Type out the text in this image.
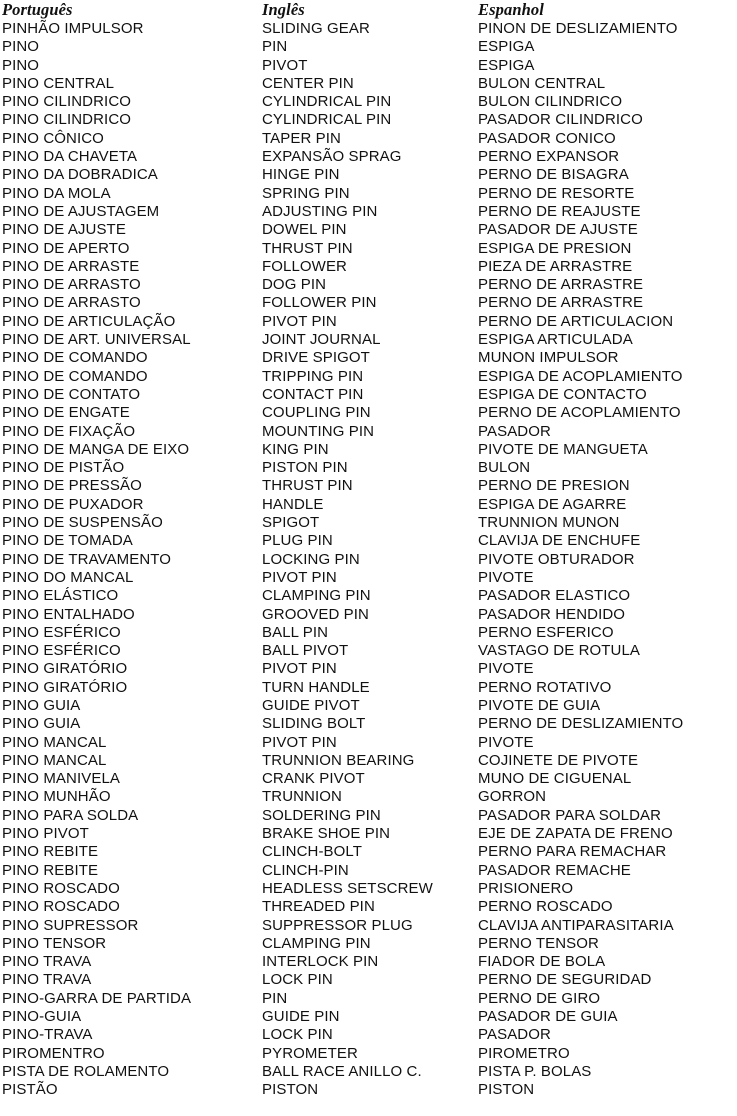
Português	Inglês	Espanhol
PINHÃO IMPULSOR	SLIDING GEAR	PINON DE DESLIZAMIENTO
PINO	PIN	ESPIGA
PINO	PIVOT	ESPIGA
PINO CENTRAL	CENTER PIN	BULON CENTRAL
PINO CILINDRICO	CYLINDRICAL PIN	BULON CILINDRICO
PINO CILINDRICO	CYLINDRICAL PIN	PASADOR CILINDRICO
PINO CÔNICO	TAPER PIN	PASADOR CONICO
PINO DA CHAVETA	EXPANSÃO SPRAG	PERNO EXPANSOR
PINO DA DOBRADICA	HINGE PIN	PERNO DE BISAGRA
PINO DA MOLA	SPRING PIN	PERNO DE RESORTE
PINO DE AJUSTAGEM	ADJUSTING PIN	PERNO DE REAJUSTE
PINO DE AJUSTE	DOWEL PIN	PASADOR DE AJUSTE
PINO DE APERTO	THRUST PIN	ESPIGA DE PRESION
PINO DE ARRASTE	FOLLOWER	PIEZA DE ARRASTRE
PINO DE ARRASTO	DOG PIN	PERNO DE ARRASTRE
PINO DE ARRASTO	FOLLOWER PIN	PERNO DE ARRASTRE
PINO DE ARTICULAÇÃO	PIVOT PIN	PERNO DE ARTICULACION
PINO DE ART. UNIVERSAL	JOINT JOURNAL	ESPIGA ARTICULADA
PINO DE COMANDO	DRIVE SPIGOT	MUNON IMPULSOR
PINO DE COMANDO	TRIPPING PIN	ESPIGA DE ACOPLAMIENTO
PINO DE CONTATO	CONTACT PIN	ESPIGA DE CONTACTO
PINO DE ENGATE	COUPLING PIN	PERNO DE ACOPLAMIENTO
PINO DE FIXAÇÃO	MOUNTING PIN	PASADOR
PINO DE MANGA DE EIXO	KING PIN	PIVOTE DE MANGUETA
PINO DE PISTÃO	PISTON PIN	BULON
PINO DE PRESSÃO	THRUST PIN	PERNO DE PRESION
PINO DE PUXADOR	HANDLE	ESPIGA DE AGARRE
PINO DE SUSPENSÃO	SPIGOT	TRUNNION MUNON
PINO DE TOMADA	PLUG PIN	CLAVIJA DE ENCHUFE
PINO DE TRAVAMENTO	LOCKING PIN	PIVOTE OBTURADOR
PINO DO MANCAL	PIVOT PIN	PIVOTE
PINO ELÁSTICO	CLAMPING PIN	PASADOR ELASTICO
PINO ENTALHADO	GROOVED PIN	PASADOR HENDIDO
PINO ESFÉRICO	BALL PIN	PERNO ESFERICO
PINO ESFÉRICO	BALL PIVOT	VASTAGO DE ROTULA
PINO GIRATÓRIO	PIVOT PIN	PIVOTE
PINO GIRATÓRIO	TURN HANDLE	PERNO ROTATIVO
PINO GUIA	GUIDE PIVOT	PIVOTE DE GUIA
PINO GUIA	SLIDING BOLT	PERNO DE DESLIZAMIENTO
PINO MANCAL	PIVOT PIN	PIVOTE
PINO MANCAL	TRUNNION BEARING	COJINETE DE PIVOTE
PINO MANIVELA	CRANK PIVOT	MUNO DE CIGUENAL
PINO MUNHÃO	TRUNNION	GORRON
PINO PARA SOLDA	SOLDERING PIN	PASADOR PARA SOLDAR
PINO PIVOT	BRAKE SHOE PIN	EJE DE ZAPATA DE FRENO
PINO REBITE	CLINCH-BOLT	PERNO PARA REMACHAR
PINO REBITE	CLINCH-PIN	PASADOR REMACHE
PINO ROSCADO	HEADLESS SETSCREW	PRISIONERO
PINO ROSCADO	THREADED PIN	PERNO ROSCADO
PINO SUPRESSOR	SUPPRESSOR PLUG	CLAVIJA ANTIPARASITARIA
PINO TENSOR	CLAMPING PIN	PERNO TENSOR
PINO TRAVA	INTERLOCK PIN	FIADOR DE BOLA
PINO TRAVA	LOCK PIN	PERNO DE SEGURIDAD
PINO-GARRA DE PARTIDA	PIN	PERNO DE GIRO
PINO-GUIA	GUIDE PIN	PASADOR DE GUIA
PINO-TRAVA	LOCK PIN	PASADOR
PIROMENTRO	PYROMETER	PIROMETRO
PISTA DE ROLAMENTO	BALL RACE ANILLO C.	PISTA P. BOLAS
PISTÃO	PISTON	PISTON
